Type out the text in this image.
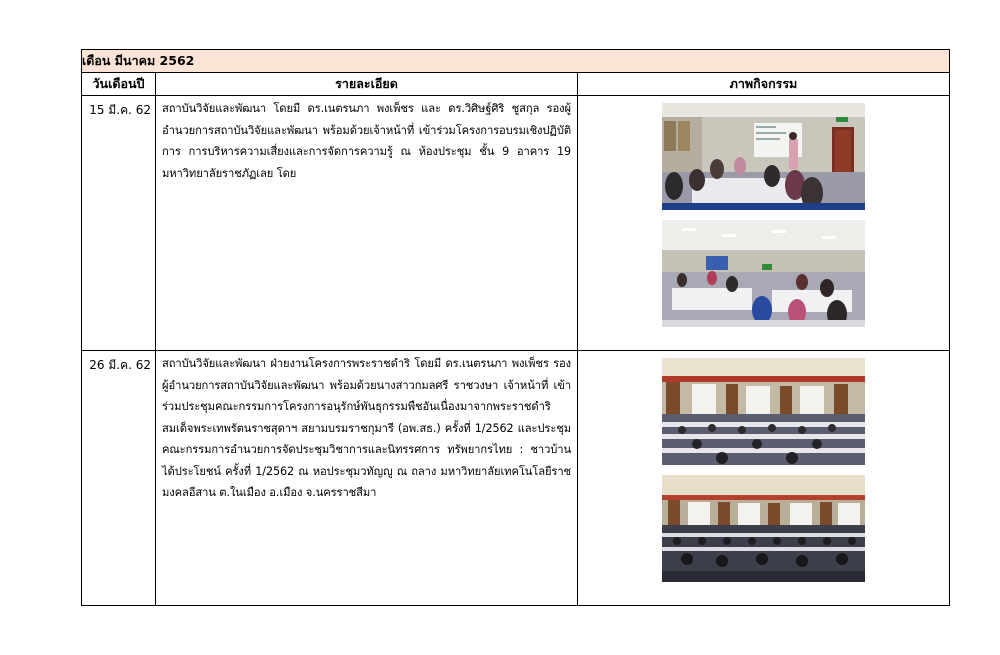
เดือน มีนาคม 2562		
วันเดือนปี	รายละเอียด	ภาพกิจกรรม
15 มี.ค. 62	สถาบันวิจัยและพัฒนา โดยมี ดร.เนตรนภา พงเพ็ชร และ ดร.วิศิษฐ์ศิริ ชูสกุล รองผู้อำนวยการสถาบันวิจัยและพัฒนา พร้อมด้วยเจ้าหน้าที่ เข้าร่วมโครงการอบรมเชิงปฏิบัติการ การบริหารความเสี่ยงและการจัดการความรู้ ณ ห้องประชุม ชั้น 9 อาคาร 19 มหาวิทยาลัยราชภัฏเลย โดย	

26 มี.ค. 62	สถาบันวิจัยและพัฒนา ฝ่ายงานโครงการพระราชดำริ โดยมี ดร.เนตรนภา พงเพ็ชร รองผู้อำนวยการสถาบันวิจัยและพัฒนา พร้อมด้วยนางสาวกมลศรี ราชวงษา เจ้าหน้าที่ เข้าร่วมประชุมคณะกรรมการโครงการอนุรักษ์พันธุกรรมพืชอันเนื่องมาจากพระราชดำริ สมเด็จพระเทพรัตนราชสุดาฯ สยามบรมราชกุมารี (อพ.สธ.) ครั้งที่ 1/2562 และประชุมคณะกรรมการอำนวยการจัดประชุมวิชาการและนิทรรศการ ทรัพยากรไทย : ชาวบ้านได้ประโยชน์ ครั้งที่ 1/2562 ณ หอประชุมวทัญญู ณ ถลาง มหาวิทยาลัยเทคโนโลยีราชมงคลอีสาน ต.ในเมือง อ.เมือง จ.นครราชสีมา	
